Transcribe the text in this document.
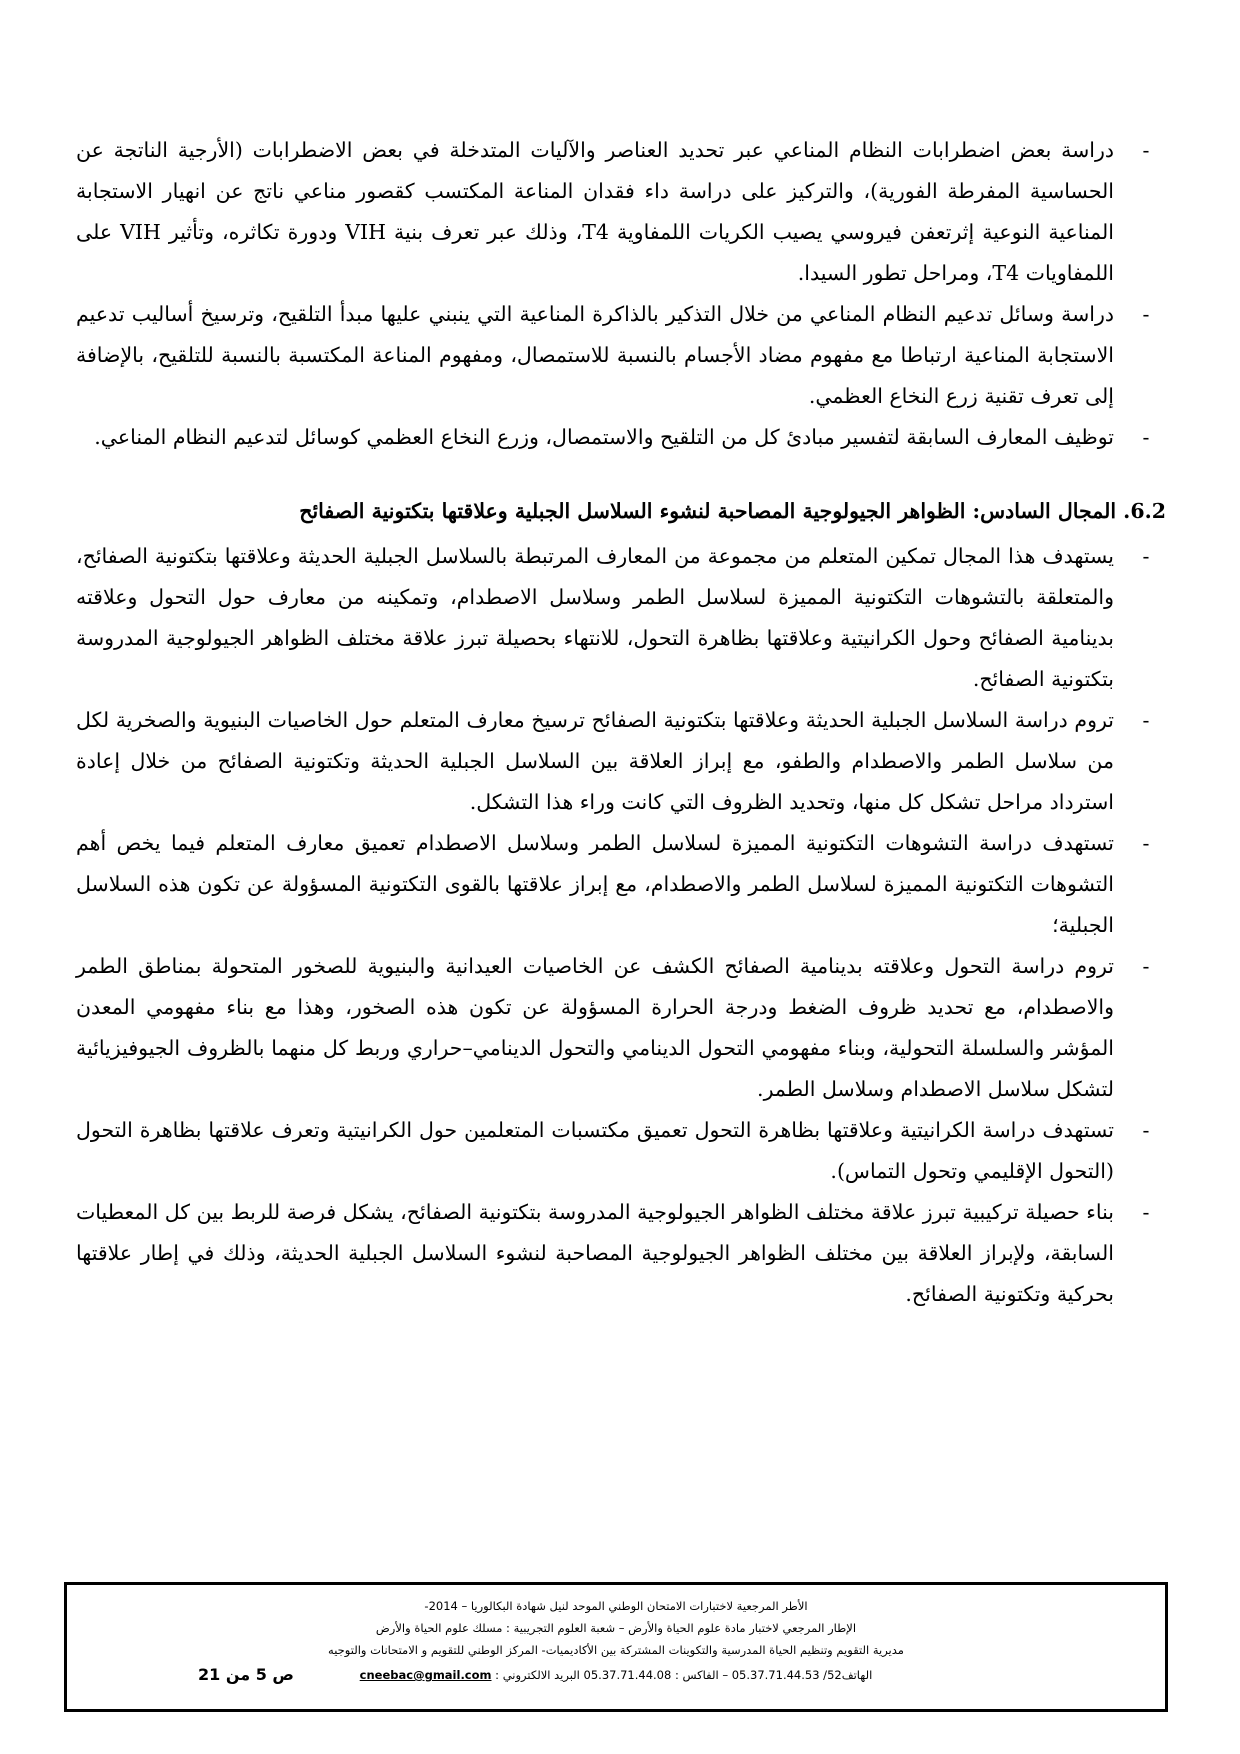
-
دراسة بعض اضطرابات النظام المناعي عبر تحديد العناصر والآليات المتدخلة في بعض الاضطرابات (الأرجية الناتجة عن الحساسية المفرطة الفورية)، والتركيز على دراسة داء فقدان المناعة المكتسب كقصور مناعي ناتج عن انهيار الاستجابة المناعية النوعية إثرتعفن فيروسي يصيب الكريات اللمفاوية T4، وذلك عبر تعرف بنية VIH ودورة تكاثره، وتأثير VIH على اللمفاويات T4، ومراحل تطور السيدا.
-
دراسة وسائل تدعيم النظام المناعي من خلال التذكير بالذاكرة المناعية التي ينبني عليها مبدأ التلقيح، وترسيخ أساليب تدعيم الاستجابة المناعية ارتباطا مع مفهوم مضاد الأجسام بالنسبة للاستمصال، ومفهوم المناعة المكتسبة بالنسبة للتلقيح، بالإضافة إلى تعرف تقنية زرع النخاع العظمي.
-
توظيف المعارف السابقة لتفسير مبادئ كل من التلقيح والاستمصال، وزرع النخاع العظمي كوسائل لتدعيم النظام المناعي.
6.2. المجال السادس: الظواهر الجيولوجية المصاحبة لنشوء السلاسل الجبلية وعلاقتها بتكتونية الصفائح
-
يستهدف هذا المجال تمكين المتعلم من مجموعة من المعارف المرتبطة بالسلاسل الجبلية الحديثة وعلاقتها بتكتونية الصفائح، والمتعلقة بالتشوهات التكتونية المميزة لسلاسل الطمر وسلاسل الاصطدام، وتمكينه من معارف حول التحول وعلاقته بدينامية الصفائح وحول الكرانيتية وعلاقتها بظاهرة التحول، للانتهاء بحصيلة تبرز علاقة مختلف الظواهر الجيولوجية المدروسة بتكتونية الصفائح.
-
تروم دراسة السلاسل الجبلية الحديثة وعلاقتها بتكتونية الصفائح ترسيخ معارف المتعلم حول الخاصيات البنيوية والصخرية لكل من سلاسل الطمر والاصطدام والطفو، مع إبراز العلاقة بين السلاسل الجبلية الحديثة وتكتونية الصفائح من خلال إعادة استرداد مراحل تشكل كل منها، وتحديد الظروف التي كانت وراء هذا التشكل.
-
تستهدف دراسة التشوهات التكتونية المميزة لسلاسل الطمر وسلاسل الاصطدام تعميق معارف المتعلم فيما يخص أهم التشوهات التكتونية المميزة لسلاسل الطمر والاصطدام، مع إبراز علاقتها بالقوى التكتونية المسؤولة عن تكون هذه السلاسل الجبلية؛
-
تروم دراسة التحول وعلاقته بدينامية الصفائح الكشف عن الخاصيات العيدانية والبنيوية للصخور المتحولة بمناطق الطمر والاصطدام، مع تحديد ظروف الضغط ودرجة الحرارة المسؤولة عن تكون هذه الصخور، وهذا مع بناء مفهومي المعدن المؤشر والسلسلة التحولية، وبناء مفهومي التحول الدينامي والتحول الدينامي–حراري وربط كل منهما بالظروف الجيوفيزيائية لتشكل سلاسل الاصطدام وسلاسل الطمر.
-
تستهدف دراسة الكرانيتية وعلاقتها بظاهرة التحول تعميق مكتسبات المتعلمين حول الكرانيتية وتعرف علاقتها بظاهرة التحول (التحول الإقليمي وتحول التماس).
-
بناء حصيلة تركيبية تبرز علاقة مختلف الظواهر الجيولوجية المدروسة بتكتونية الصفائح، يشكل فرصة للربط بين كل المعطيات السابقة، ولإبراز العلاقة بين مختلف الظواهر الجيولوجية المصاحبة لنشوء السلاسل الجبلية الحديثة، وذلك في إطار علاقتها بحركية وتكتونية الصفائح.
الأطر المرجعية لاختبارات الامتحان الوطني الموحد لنيل شهادة البكالوريا – 2014-
الإطار المرجعي لاختبار مادة علوم الحياة والأرض – شعبة العلوم التجريبية : مسلك علوم الحياة والأرض
مديرية التقويم وتنظيم الحياة المدرسية والتكوينات المشتركة بين الأكاديميات- المركز الوطني للتقويم و الامتحانات والتوجيه
الهاتف52/ 05.37.71.44.53 – الفاكس : 05.37.71.44.08 البريد الالكتروني : cneebac@gmail.com
ص 5 من 21
